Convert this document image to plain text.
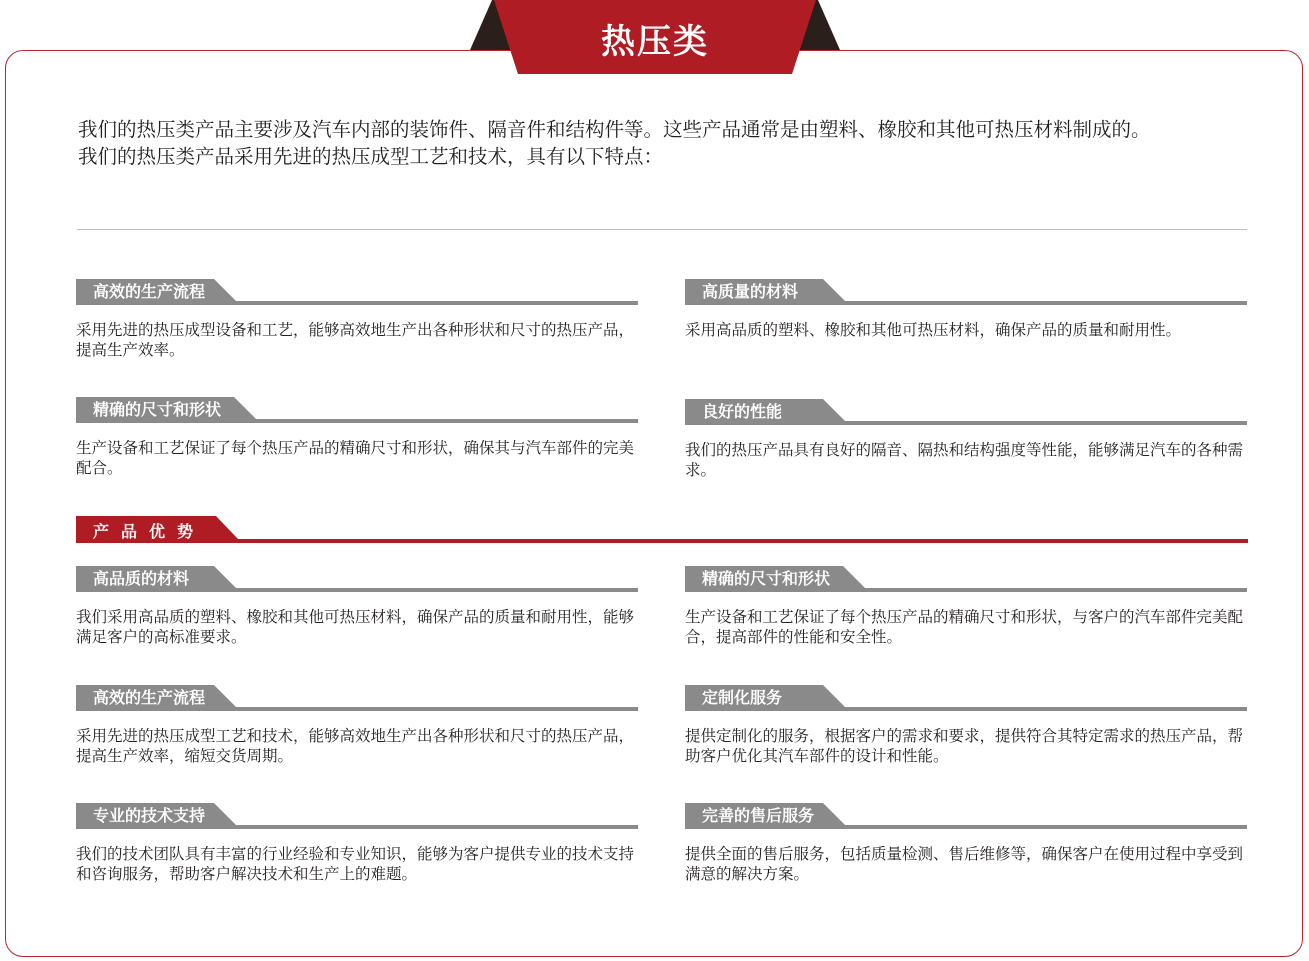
热压类

我们的热压类产品主要涉及汽车内部的装饰件、隔音件和结构件等。这些产品通常是由塑料、橡胶和其他可热压材料制成的。

我们的热压类产品采用先进的热压成型工艺和技术，具有以下特点：

高效的生产流程

采用先进的热压成型设备和工艺，能够高效地生产出各种形状和尺寸的热压产品，提高生产效率。

高质量的材料

采用高品质的塑料、橡胶和其他可热压材料，确保产品的质量和耐用性。

精确的尺寸和形状

生产设备和工艺保证了每个热压产品的精确尺寸和形状，确保其与汽车部件的完美配合。

良好的性能

我们的热压产品具有良好的隔音、隔热和结构强度等性能，能够满足汽车的各种需求。

产品优势
高品质的材料

我们采用高品质的塑料、橡胶和其他可热压材料，确保产品的质量和耐用性，能够满足客户的高标准要求。

精确的尺寸和形状

生产设备和工艺保证了每个热压产品的精确尺寸和形状，与客户的汽车部件完美配合，提高部件的性能和安全性。

高效的生产流程

采用先进的热压成型工艺和技术，能够高效地生产出各种形状和尺寸的热压产品，提高生产效率，缩短交货周期。

定制化服务

提供定制化的服务，根据客户的需求和要求，提供符合其特定需求的热压产品，帮助客户优化其汽车部件的设计和性能。

专业的技术支持

我们的技术团队具有丰富的行业经验和专业知识，能够为客户提供专业的技术支持和咨询服务，帮助客户解决技术和生产上的难题。

完善的售后服务

提供全面的售后服务，包括质量检测、售后维修等，确保客户在使用过程中享受到满意的解决方案。
